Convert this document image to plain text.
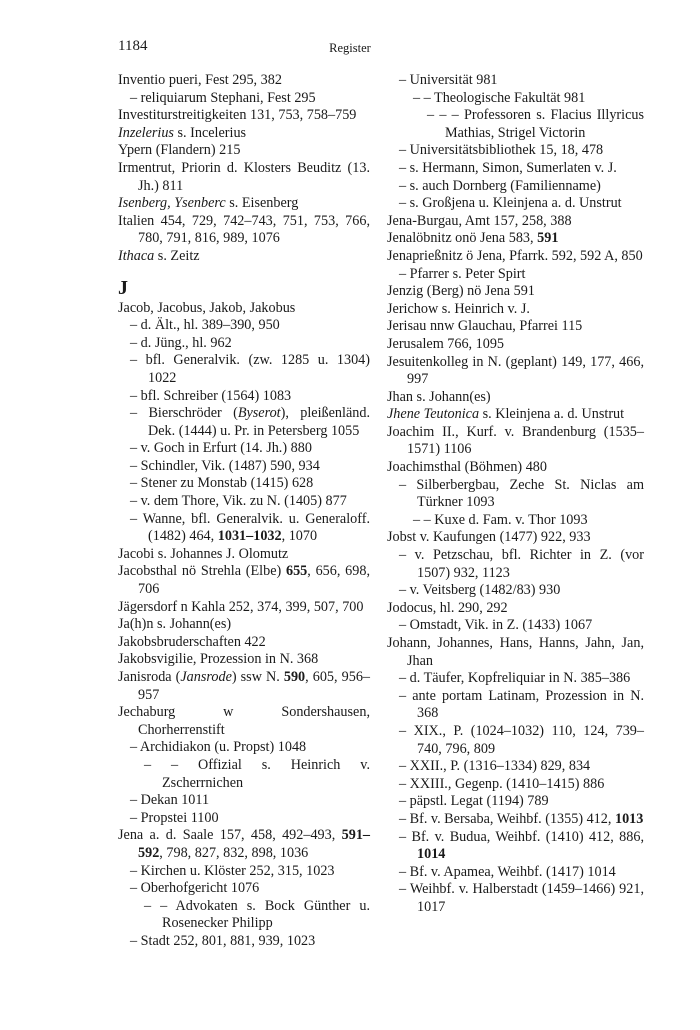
1184	Register

Inventio pueri, Fest 295, 382

– reliquiarum Stephani, Fest 295

Investiturstreitigkeiten 131, 753, 758–759

Inzelerius s. Incelerius

Ypern (Flandern) 215

Irmentrut, Priorin d. Klosters Beuditz (13. Jh.) 811

Isenberg, Ysenberc s. Eisenberg

Italien 454, 729, 742–743, 751, 753, 766, 780, 791, 816, 989, 1076

Ithaca s. Zeitz

J

Jacob, Jacobus, Jakob, Jakobus

– d. Ält., hl. 389–390, 950

– d. Jüng., hl. 962

– bfl. Generalvik. (zw. 1285 u. 1304) 1022

– bfl. Schreiber (1564) 1083

– Bierschröder (Byserot), pleißenländ. Dek. (1444) u. Pr. in Petersberg 1055

– v. Goch in Erfurt (14. Jh.) 880

– Schindler, Vik. (1487) 590, 934

– Stener zu Monstab (1415) 628

– v. dem Thore, Vik. zu N. (1405) 877

– Wanne, bfl. Generalvik. u. Generaloff. (1482) 464, 1031–1032, 1070

Jacobi s. Johannes J. Olomutz

Jacobsthal nö Strehla (Elbe) 655, 656, 698, 706

Jägersdorf n Kahla 252, 374, 399, 507, 700

Ja(h)n s. Johann(es)

Jakobsbruderschaften 422

Jakobsvigilie, Prozession in N. 368

Janisroda (Jansrode) ssw N. 590, 605, 956–957

Jechaburg w Sondershausen, Chorherrenstift

– Archidiakon (u. Propst) 1048

– – Offizial s. Heinrich v. Zscherrnichen

– Dekan 1011

– Propstei 1100

Jena a. d. Saale 157, 458, 492–493, 591–592, 798, 827, 832, 898, 1036

– Kirchen u. Klöster 252, 315, 1023

– Oberhofgericht 1076

– – Advokaten s. Bock Günther u. Rosenecker Philipp

– Stadt 252, 801, 881, 939, 1023

– Universität 981

– – Theologische Fakultät 981

– – – Professoren s. Flacius Illyricus Mathias, Strigel Victorin

– Universitätsbibliothek 15, 18, 478

– s. Hermann, Simon, Sumerlaten v. J.

– s. auch Dornberg (Familienname)

– s. Großjena u. Kleinjena a. d. Unstrut

Jena-Burgau, Amt 157, 258, 388

Jenalöbnitz onö Jena 583, 591

Jenaprießnitz ö Jena, Pfarrk. 592, 592 A, 850

– Pfarrer s. Peter Spirt

Jenzig (Berg) nö Jena 591

Jerichow s. Heinrich v. J.

Jerisau nnw Glauchau, Pfarrei 115

Jerusalem 766, 1095

Jesuitenkolleg in N. (geplant) 149, 177, 466, 997

Jhan s. Johann(es)

Jhene Teutonica s. Kleinjena a. d. Unstrut

Joachim II., Kurf. v. Brandenburg (1535–1571) 1106

Joachimsthal (Böhmen) 480

– Silberbergbau, Zeche St. Niclas am Türkner 1093

– – Kuxe d. Fam. v. Thor 1093

Jobst v. Kaufungen (1477) 922, 933

– v. Petzschau, bfl. Richter in Z. (vor 1507) 932, 1123

– v. Veitsberg (1482/83) 930

Jodocus, hl. 290, 292

– Omstadt, Vik. in Z. (1433) 1067

Johann, Johannes, Hans, Hanns, Jahn, Jan, Jhan

– d. Täufer, Kopfreliquiar in N. 385–386

– ante portam Latinam, Prozession in N. 368

– XIX., P. (1024–1032) 110, 124, 739–740, 796, 809

– XXII., P. (1316–1334) 829, 834

– XXIII., Gegenp. (1410–1415) 886

– päpstl. Legat (1194) 789

– Bf. v. Bersaba, Weihbf. (1355) 412, 1013

– Bf. v. Budua, Weihbf. (1410) 412, 886, 1014

– Bf. v. Apamea, Weihbf. (1417) 1014

– Weihbf. v. Halberstadt (1459–1466) 921, 1017
